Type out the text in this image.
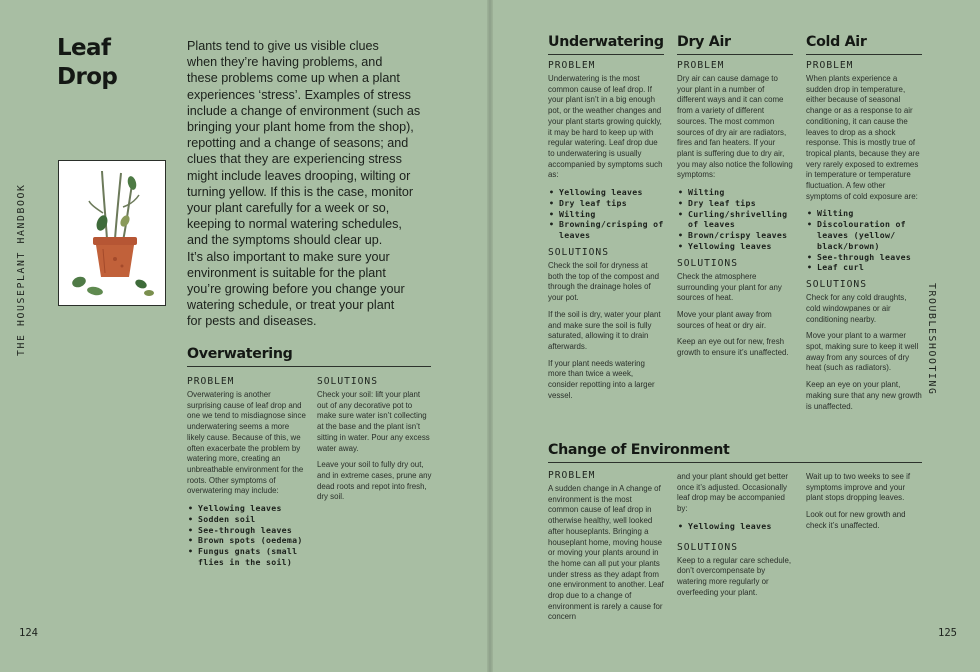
Leaf
Drop
Plants tend to give us visible clues
when they’re having problems, and
these problems come up when a plant
experiences ‘stress’. Examples of stress
include a change of environment (such as
bringing your plant home from the shop),
repotting and a change of seasons; and
clues that they are experiencing stress
might include leaves drooping, wilting or
turning yellow. If this is the case, monitor
your plant carefully for a week or so,
keeping to normal watering schedules,
and the symptoms should clear up.
It’s also important to make sure your
environment is suitable for the plant
you’re growing before you change your
watering schedule, or treat your plant
for pests and diseases.
Overwatering
PROBLEM

Overwatering is another surprising cause of leaf drop and one we tend to misdiagnose since underwatering seems a more likely cause. Because of this, we often exacerbate the problem by watering more, creating an unbreathable environment for the roots. Other symptoms of overwatering may include:

• Yellowing leaves
• Sodden soil
• See-through leaves
• Brown spots (oedema)
• Fungus gnats (small flies in the soil)
SOLUTIONS

Check your soil: lift your plant out of any decorative pot to make sure water isn’t collecting at the base and the plant isn’t sitting in water. Pour any excess water away.

Leave your soil to fully dry out, and in extreme cases, prune any dead roots and repot into fresh, dry soil.

THE HOUSEPLANT HANDBOOK
124
Underwatering
PROBLEM

Underwatering is the most common cause of leaf drop. If your plant isn’t in a big enough pot, or the weather changes and your plant starts growing quickly, it may be hard to keep up with regular watering. Leaf drop due to underwatering is usually accompanied by symptoms such as:

• Yellowing leaves
• Dry leaf tips
• Wilting
• Browning/crisping of leaves
SOLUTIONS

Check the soil for dryness at both the top of the compost and through the drainage holes of your pot.

If the soil is dry, water your plant and make sure the soil is fully saturated, allowing it to drain afterwards.

If your plant needs watering more than twice a week, consider repotting into a larger vessel.

Dry Air
PROBLEM

Dry air can cause damage to your plant in a number of different ways and it can come from a variety of different sources. The most common sources of dry air are radiators, fires and fan heaters. If your plant is suffering due to dry air, you may also notice the following symptoms:

• Wilting
• Dry leaf tips
• Curling/shrivelling of leaves
• Brown/crispy leaves
• Yellowing leaves
SOLUTIONS

Check the atmosphere surrounding your plant for any sources of heat.

Move your plant away from sources of heat or dry air.

Keep an eye out for new, fresh growth to ensure it’s unaffected.

Cold Air
PROBLEM

When plants experience a sudden drop in temperature, either because of seasonal change or as a response to air conditioning, it can cause the leaves to drop as a shock response. This is mostly true of tropical plants, because they are very rarely exposed to extremes in temperature or temperature fluctuation. A few other symptoms of cold exposure are:

• Wilting
• Discolouration of leaves (yellow/ black/brown)
• See-through leaves
• Leaf curl
SOLUTIONS

Check for any cold draughts, cold windowpanes or air conditioning nearby.

Move your plant to a warmer spot, making sure to keep it well away from any sources of dry heat (such as radiators).

Keep an eye on your plant, making sure that any new growth is unaffected.

Change of Environment
PROBLEM

A sudden change in A change of environment is the most common cause of leaf drop in otherwise healthy, well looked after houseplants. Bringing a houseplant home, moving house or moving your plants around in the home can all put your plants under stress as they adapt from one environment to another. Leaf drop due to a change of environment is rarely a cause for concern

and your plant should get better once it’s adjusted. Occasionally leaf drop may be accompanied by:

• Yellowing leaves
SOLUTIONS

Keep to a regular care schedule, don’t overcompensate by watering more regularly or overfeeding your plant.

Wait up to two weeks to see if symptoms improve and your plant stops dropping leaves.

Look out for new growth and check it’s unaffected.

TROUBLESHOOTING
125
